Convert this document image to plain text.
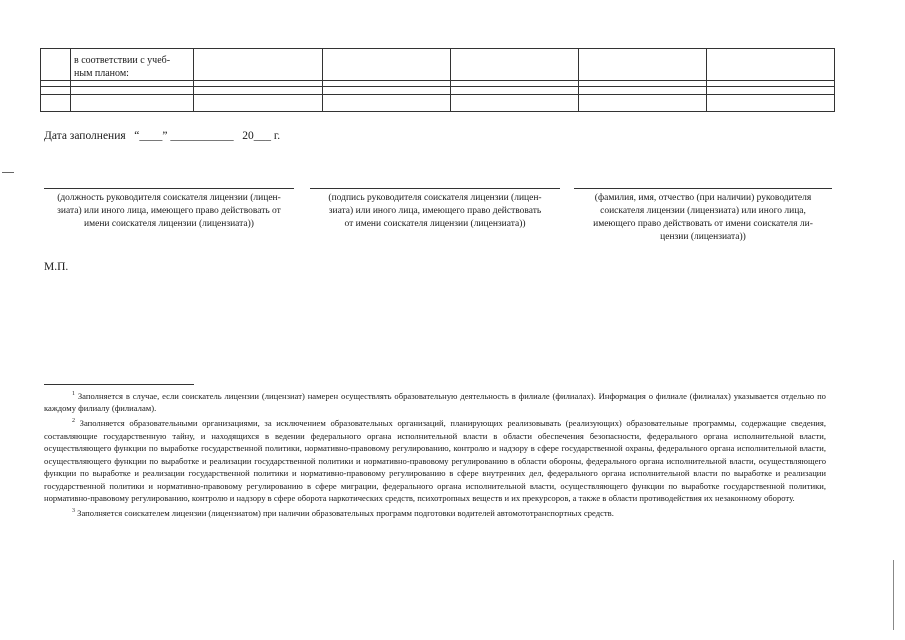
в соответствии с учеб-
ным планом:
Дата заполнения “____” ___________ 20___ г.
(должность руководителя соискателя лицензии (лицен-
зиата) или иного лица, имеющего право действовать от
имени соискателя лицензии (лицензиата))
(подпись руководителя соискателя лицензии (лицен-
зиата) или иного лица, имеющего право действовать
от имени соискателя лицензии (лицензиата))
(фамилия, имя, отчество (при наличии) руководителя
соискателя лицензии (лицензиата) или иного лица,
имеющего право действовать от имени соискателя ли-
цензии (лицензиата))
М.П.

$^1$ Заполняется в случае, если соискатель лицензии (лицензиат) намерен осуществлять образовательную деятельность в филиале (филиалах). Информация о филиале (филиалах) указывается отдельно по каждому филиалу (филиалам).

$^2$ Заполняется образовательными организациями, за исключением образовательных организаций, планирующих реализовывать (реализующих) образовательные программы, содержащие сведения, составляющие государственную тайну, и находящихся в ведении федерального органа исполнительной власти в области обеспечения безопасности, федерального органа исполнительной власти, осуществляющего функции по выработке государственной политики, нормативно-правовому регулированию, контролю и надзору в сфере государственной охраны, федерального органа исполнительной власти, осуществляющего функции по выработке и реализации государственной политики и нормативно-правовому регулированию в области обороны, федерального органа исполнительной власти, осуществляющего функции по выработке и реализации государственной политики и нормативно-правовому регулированию в сфере внутренних дел, федерального органа исполнительной власти по выработке и реализации государственной политики и нормативно-правовому регулированию в сфере миграции, федерального органа исполнительной власти, осуществляющего функции по выработке государственной политики, нормативно-правовому регулированию, контролю и надзору в сфере оборота наркотических средств, психотропных веществ и их прекурсоров, а также в области противодействия их незаконному обороту.

$^3$ Заполняется соискателем лицензии (лицензиатом) при наличии образовательных программ подготовки водителей автомототранспортных средств.
